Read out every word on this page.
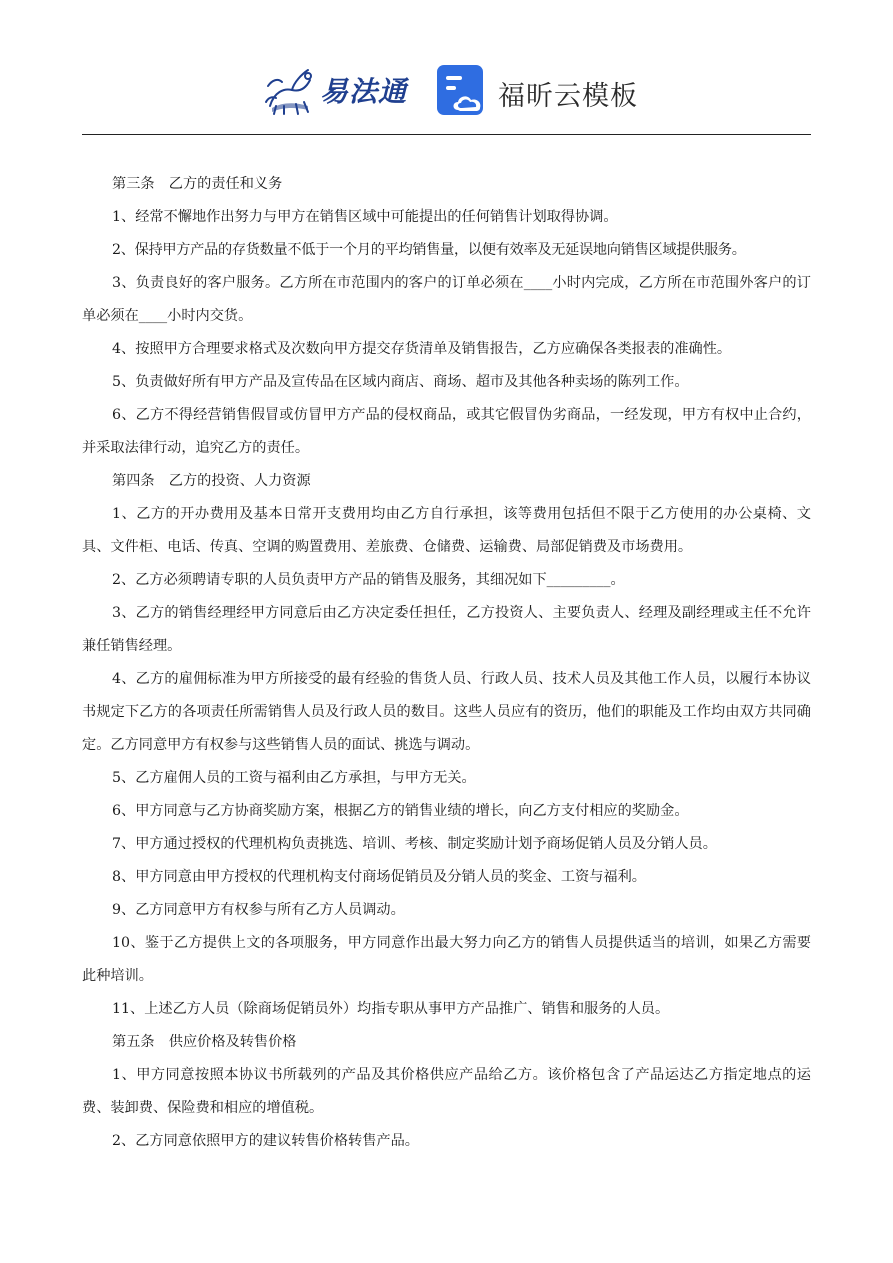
易法通	福昕云模板

第三条　乙方的责任和义务

1、经常不懈地作出努力与甲方在销售区域中可能提出的任何销售计划取得协调。

2、保持甲方产品的存货数量不低于一个月的平均销售量，以便有效率及无延误地向销售区域提供服务。

3、负责良好的客户服务。乙方所在市范围内的客户的订单必须在____小时内完成，乙方所在市范围外客户的订单必须在____小时内交货。

4、按照甲方合理要求格式及次数向甲方提交存货清单及销售报告，乙方应确保各类报表的准确性。

5、负责做好所有甲方产品及宣传品在区域内商店、商场、超市及其他各种卖场的陈列工作。

6、乙方不得经营销售假冒或仿冒甲方产品的侵权商品，或其它假冒伪劣商品，一经发现，甲方有权中止合约，并采取法律行动，追究乙方的责任。

第四条　乙方的投资、人力资源

1、乙方的开办费用及基本日常开支费用均由乙方自行承担，该等费用包括但不限于乙方使用的办公桌椅、文具、文件柜、电话、传真、空调的购置费用、差旅费、仓储费、运输费、局部促销费及市场费用。

2、乙方必须聘请专职的人员负责甲方产品的销售及服务，其细况如下_________。

3、乙方的销售经理经甲方同意后由乙方决定委任担任，乙方投资人、主要负责人、经理及副经理或主任不允许兼任销售经理。

4、乙方的雇佣标准为甲方所接受的最有经验的售货人员、行政人员、技术人员及其他工作人员，以履行本协议书规定下乙方的各项责任所需销售人员及行政人员的数目。这些人员应有的资历，他们的职能及工作均由双方共同确定。乙方同意甲方有权参与这些销售人员的面试、挑选与调动。

5、乙方雇佣人员的工资与福利由乙方承担，与甲方无关。

6、甲方同意与乙方协商奖励方案，根据乙方的销售业绩的增长，向乙方支付相应的奖励金。

7、甲方通过授权的代理机构负责挑选、培训、考核、制定奖励计划予商场促销人员及分销人员。

8、甲方同意由甲方授权的代理机构支付商场促销员及分销人员的奖金、工资与福利。

9、乙方同意甲方有权参与所有乙方人员调动。

10、鉴于乙方提供上文的各项服务，甲方同意作出最大努力向乙方的销售人员提供适当的培训，如果乙方需要此种培训。

11、上述乙方人员（除商场促销员外）均指专职从事甲方产品推广、销售和服务的人员。

第五条　供应价格及转售价格

1、甲方同意按照本协议书所载列的产品及其价格供应产品给乙方。该价格包含了产品运达乙方指定地点的运费、装卸费、保险费和相应的增值税。

2、乙方同意依照甲方的建议转售价格转售产品。
